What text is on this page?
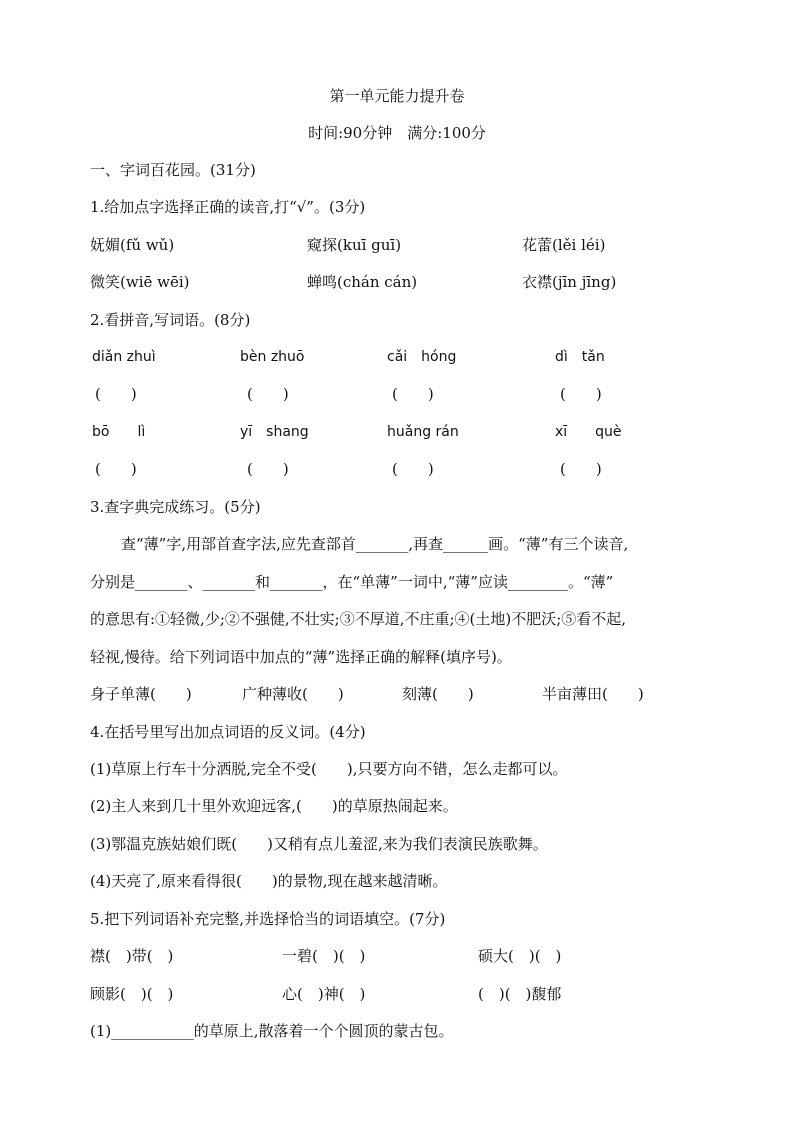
第一单元能力提升卷
时间:90分钟　满分:100分
一、字词百花园。(31分)
1.给加点字选择正确的读音,打“√”。(3分)
妩媚(fǔ wǔ)	窥探(kuī guī)	花蕾(lěi léi)
微笑(wiē wēi)	蝉鸣(chán cán)	衣襟(jīn jīng)
2.看拼音,写词语。(8分)
diǎn zhuì	bèn zhuō	cǎi　hóng	dì　tǎn
(　　)	(　　)	(　　)	(　　)
bō　　lì	yī　shang	huǎng rán	xī　　què
(　　)	(　　)	(　　)	(　　)
3.查字典完成练习。(5分)
查“薄”字,用部首查字法,应先查部首_______,再查______画。“薄”有三个读音,
分别是_______、_______和_______，在“单薄”一词中,“薄”应读________。“薄”
的意思有:①轻微,少;②不强健,不壮实;③不厚道,不庄重;④(土地)不肥沃;⑤看不起,
轻视,慢待。给下列词语中加点的“薄”选择正确的解释(填序号)。
身子单薄(　　)	广种薄收(　　)	刻薄(　　)	半亩薄田(　　)
4.在括号里写出加点词语的反义词。(4分)
(1)草原上行车十分洒脱,完全不受(　　),只要方向不错，怎么走都可以。
(2)主人来到几十里外欢迎远客,(　　)的草原热闹起来。
(3)鄂温克族姑娘们既(　　)又稍有点儿羞涩,来为我们表演民族歌舞。
(4)天亮了,原来看得很(　　)的景物,现在越来越清晰。
5.把下列词语补充完整,并选择恰当的词语填空。(7分)
襟(　)带(　)	一碧(　)(　)	硕大(　)(　)
顾影(　)(　)	心(　)神(　)	(　)(　)馥郁
(1)___________的草原上,散落着一个个圆顶的蒙古包。
